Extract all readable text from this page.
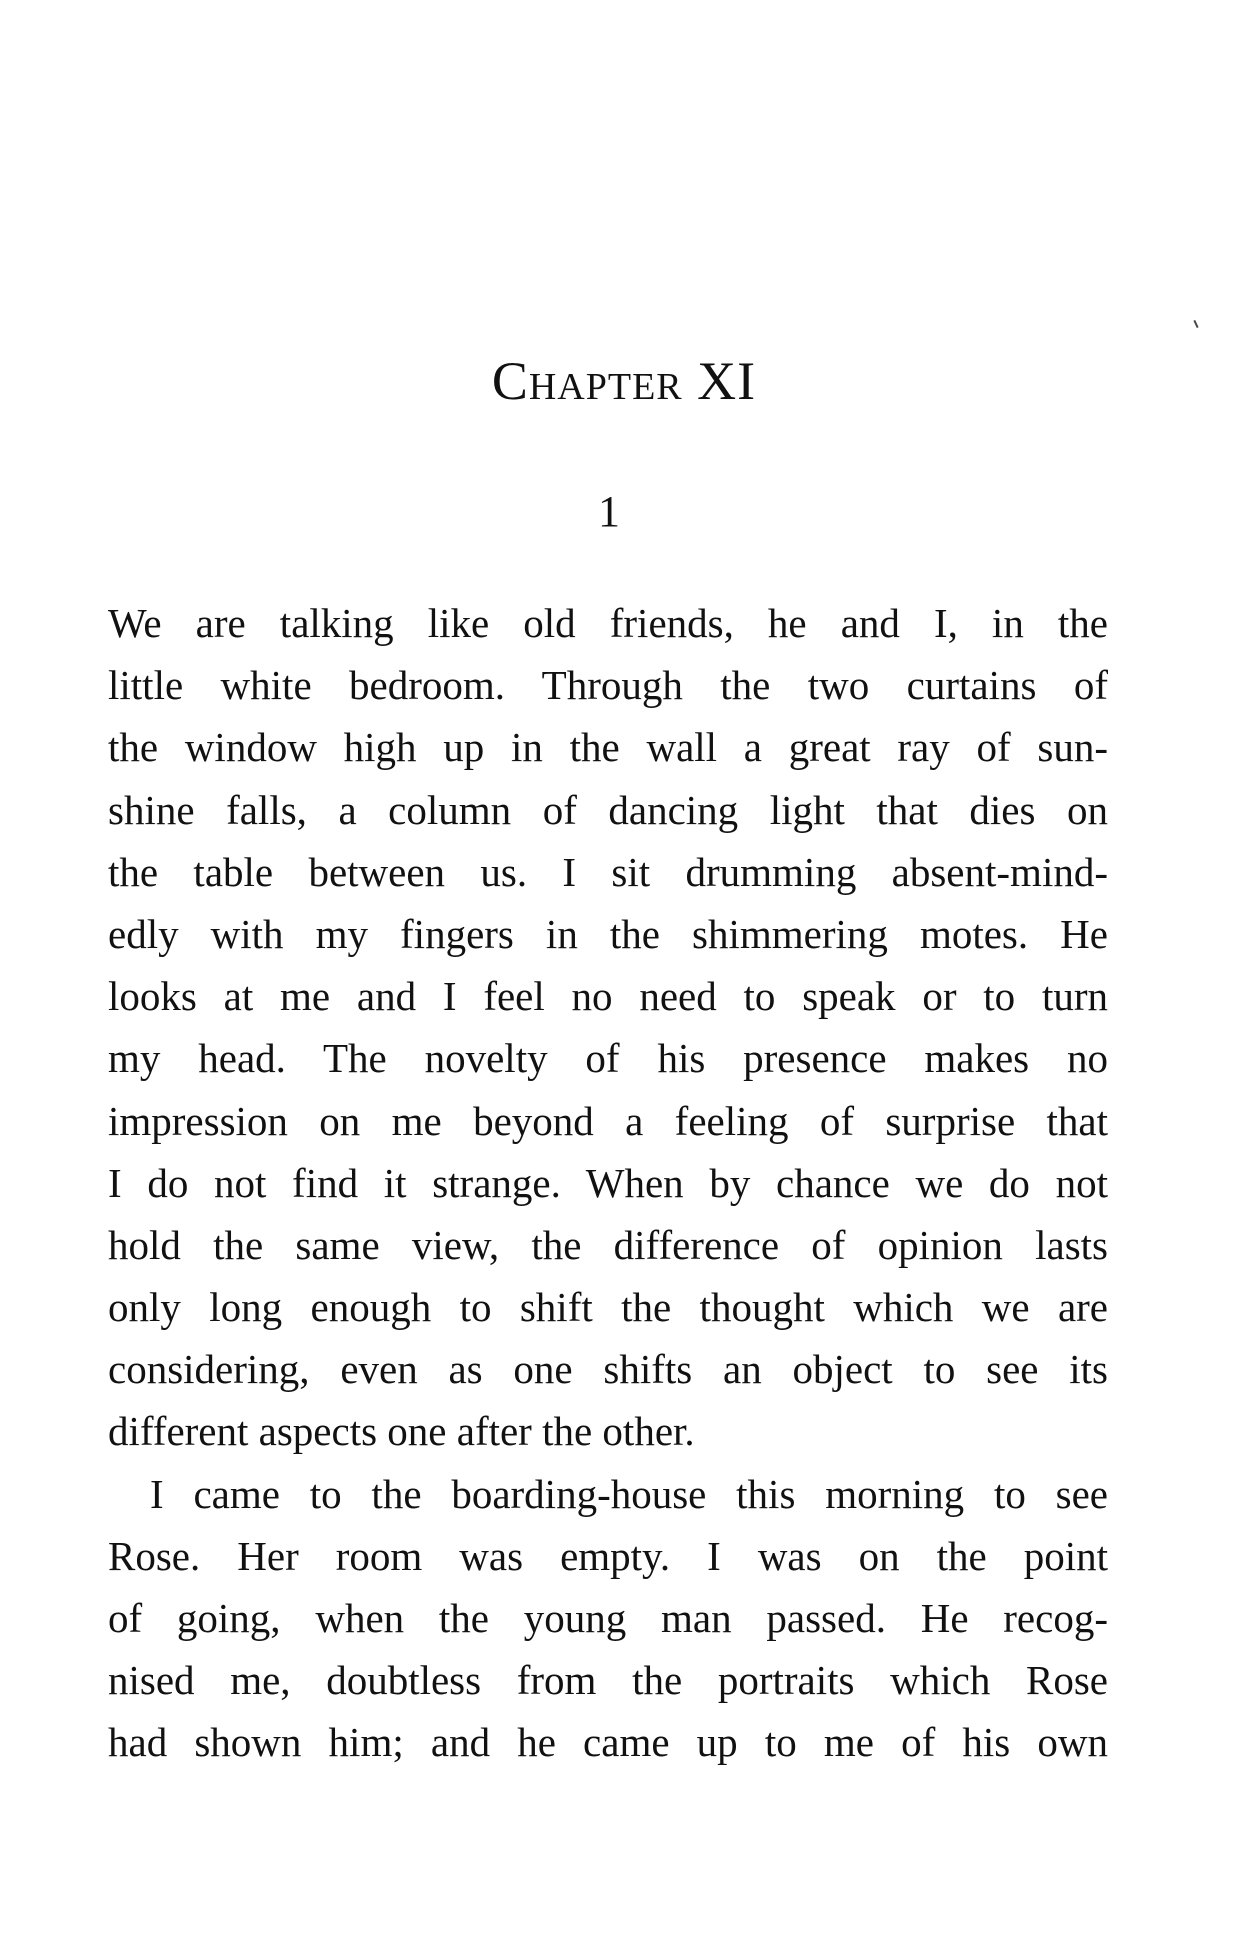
Chapter XI
1
We are talking like old friends, he and I, in the
little white bedroom. Through the two curtains of
the window high up in the wall a great ray of sun-
shine falls, a column of dancing light that dies on
the table between us. I sit drumming absent-mind-
edly with my fingers in the shimmering motes. He
looks at me and I feel no need to speak or to turn
my head. The novelty of his presence makes no
impression on me beyond a feeling of surprise that
I do not find it strange. When by chance we do not
hold the same view, the difference of opinion lasts
only long enough to shift the thought which we are
considering, even as one shifts an object to see its
different aspects one after the other.
I came to the boarding-house this morning to see
Rose. Her room was empty. I was on the point
of going, when the young man passed. He recog-
nised me, doubtless from the portraits which Rose
had shown him; and he came up to me of his own
